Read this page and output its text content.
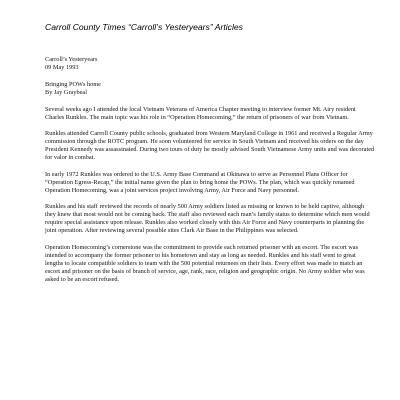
Carroll County Times “Carroll’s Yesteryears” Articles

Carroll’s Yesteryears

09 May 1993

Bringing POWs home

By Jay Graybeal

Several weeks ago I attended the local Vietnam Veterans of America Chapter meeting to interview former Mt. Airy resident Charles Runkles. The main topic was his role in “Operation Homecoming,” the return of prisoners of war from Vietnam.

Runkles attended Carroll County public schools, graduated from Western Maryland College in 1961 and received a Regular Army commission through the ROTC program. He soon volunteered for service in South Vietnam and received his orders on the day President Kennedy was assassinated. During two tours of duty he mostly advised South Vietnamese Army units and was decorated for valor in combat.

In early 1972 Runkles was ordered to the U.S. Army Base Command at Okinawa to serve as Personnel Plans Officer for “Operation Egress-Recap,” the initial name given the plan to bring home the POWs. The plan, which was quickly renamed Operation Homecoming, was a joint services project involving Army, Air Force and Navy personnel.

Runkles and his staff reviewed the records of nearly 500 Army soldiers listed as missing or known to be held captive, although they knew that most would not be coming back. The staff also reviewed each man’s family status to determine which men would require special assistance upon release. Runkles also worked closely with this Air Force and Navy counterparts in planning the joint operation. After reviewing several possible sites Clark Air Base in the Philippines was selected.

Operation Homecoming’s cornerstone was the commitment to provide each returned prisoner with an escort. The escort was intended to accompany the former prisoner to his hometown and stay as long as needed. Runkles and his staff went to great lengths to locate compatible soldiers to team with the 500 potential returnees on their lists. Every effort was made to match an escort and prisoner on the basis of branch of service, age, rank, race, religion and geographic origin. No Army soldier who was asked to be an escort refused.
